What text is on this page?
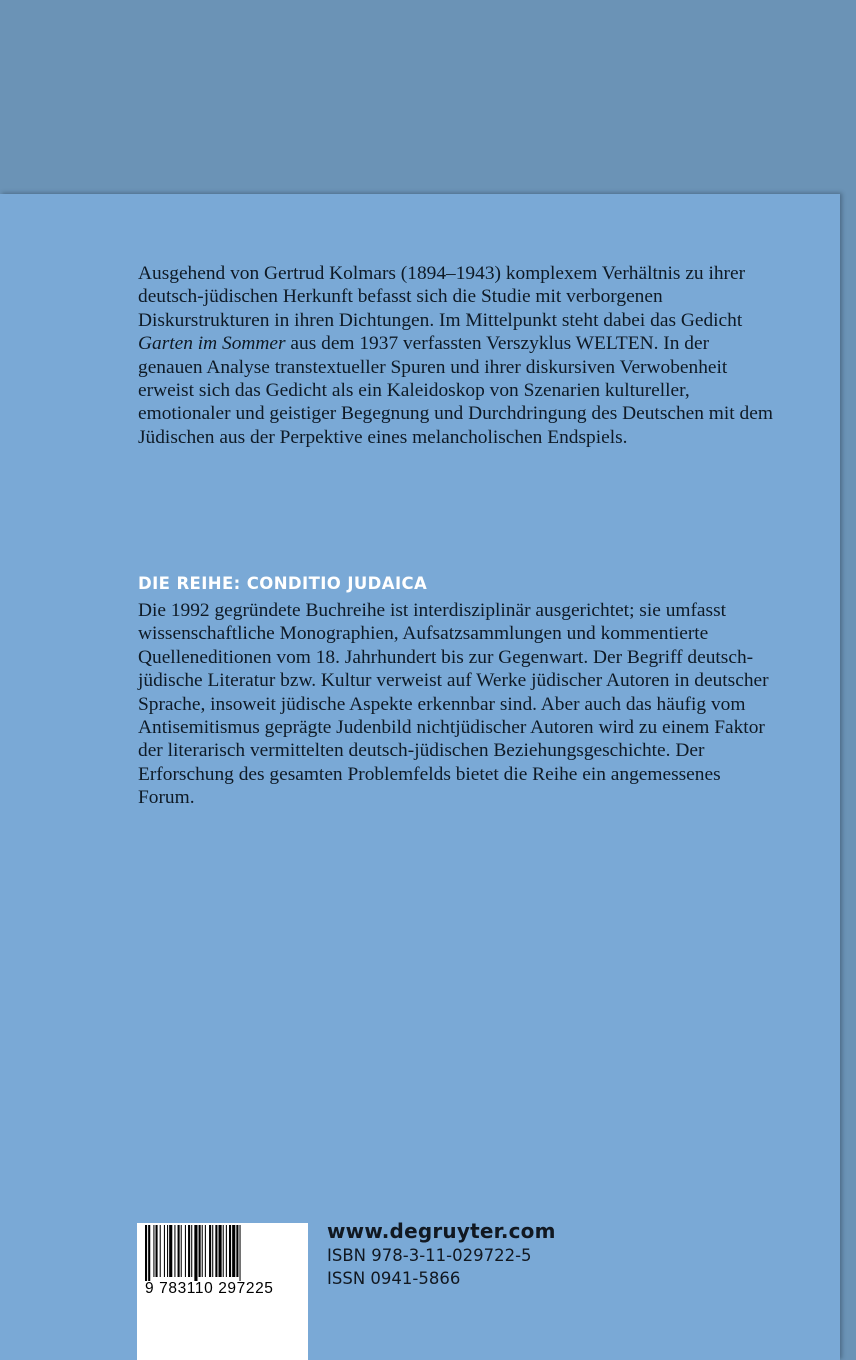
Ausgehend von Gertrud Kolmars (1894–1943) komplexem Verhältnis zu ihrer deutsch-jüdischen Herkunft befasst sich die Studie mit verborgenen Diskurstrukturen in ihren Dichtungen. Im Mittelpunkt steht dabei das Gedicht Garten im Sommer aus dem 1937 verfassten Verszyklus WELTEN. In der genauen Analyse transtextueller Spuren und ihrer diskursiven Verwobenheit erweist sich das Gedicht als ein Kaleidoskop von Szenarien kultureller, emotionaler und geistiger Begegnung und Durchdringung des Deutschen mit dem Jüdischen aus der Perpektive eines melancholischen Endspiels.

DIE REIHE: CONDITIO JUDAICA

Die 1992 gegründete Buchreihe ist interdisziplinär ausgerichtet; sie umfasst wissenschaftliche Monographien, Aufsatzsammlungen und kommentierte Quelleneditionen vom 18. Jahrhundert bis zur Gegenwart. Der Begriff deutsch-jüdische Literatur bzw. Kultur verweist auf Werke jüdischer Autoren in deutscher Sprache, insoweit jüdische Aspekte erkennbar sind. Aber auch das häufig vom Antisemitismus geprägte Judenbild nichtjüdischer Autoren wird zu einem Faktor der literarisch vermittelten deutsch-jüdischen Beziehungsgeschichte. Der Erforschung des gesamten Problemfelds bietet die Reihe ein angemessenes Forum.

9 783110 297225
www.degruyter.com
ISBN 978-3-11-029722-5
ISSN 0941-5866
